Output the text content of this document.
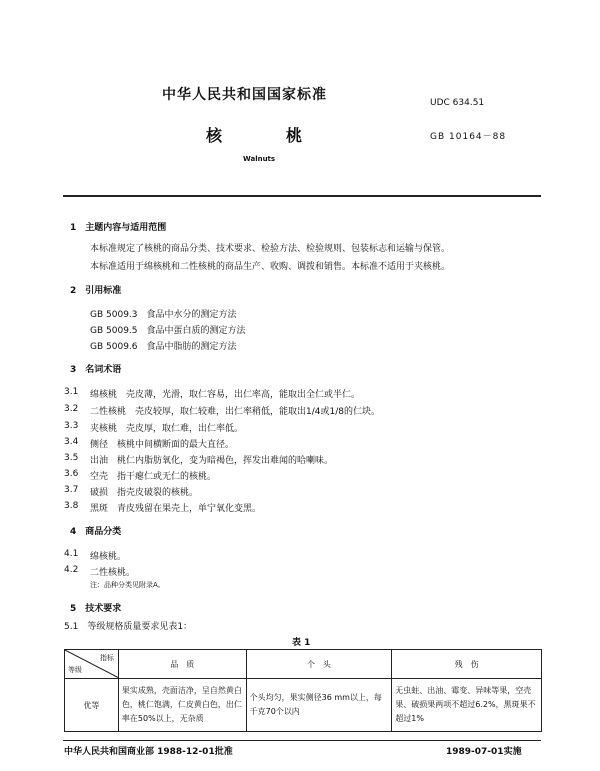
中华人民共和国国家标准	UDC 634.51
核　　　　桃	GB 10164－88
Walnuts
1　主题内容与适用范围
本标准规定了核桃的商品分类、技术要求、检验方法、检验规则、包装标志和运输与保管。
本标准适用于绵核桃和二性核桃的商品生产、收购、调拨和销售。本标准不适用于夹核桃。
2　引用标准
GB 5009.3　食品中水分的测定方法
GB 5009.5　食品中蛋白质的测定方法
GB 5009.6　食品中脂肪的测定方法
3　名词术语
3.1 绵核桃　壳皮薄，光滑，取仁容易，出仁率高，能取出全仁或半仁。
3.2 二性核桃　壳皮较厚，取仁较难，出仁率稍低，能取出1/4或1/8的仁块。
3.3 夹核桃　壳皮厚，取仁难，出仁率低。
3.4 侧径　核桃中间横断面的最大直径。
3.5 出油　桃仁内脂肪氧化，变为暗褐色，挥发出难闻的哈喇味。
3.6 空壳　指干瘪仁或无仁的核桃。
3.7 破损　指壳皮破裂的核桃。
3.8 黑斑　青皮残留在果壳上，单宁氧化变黑。
4　商品分类
4.1 绵核桃。
4.2 二性核桃。
注：品种分类见附录A。
5　技术要求
5.1　等级规格质量要求见表1：
表 1
指标
等级	品　质	个　头	残　伤
优等	果实成熟，壳面洁净，呈自然黄白色，桃仁饱满，仁皮黄白色，出仁率在50%以上，无杂质	个头均匀，果实侧径36 mm以上，每千克70个以内	无虫蛀、出油、霉变、异味等果，空壳果、破损果两项不超过6.2%，黑斑果不超过1%
中华人民共和国商业部 1988-12-01批准	1989-07-01实施
